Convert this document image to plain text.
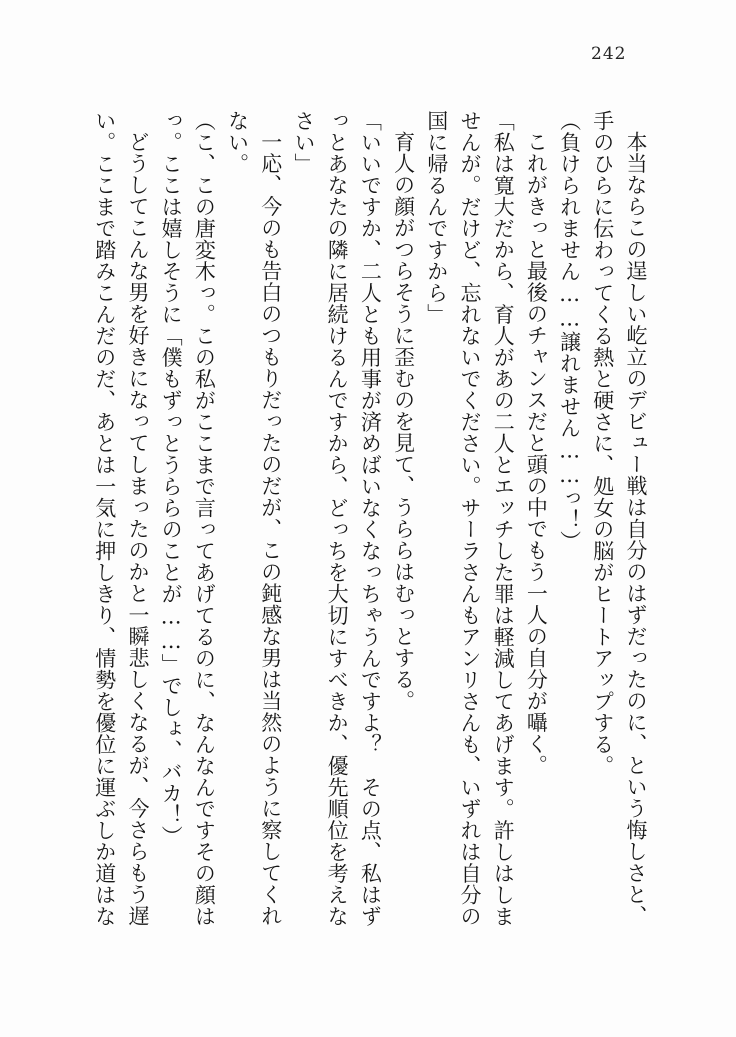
242

本当ならこの逞しい屹立のデビュー戦は自分のはずだったのに、という悔しさと、

手のひらに伝わってくる熱と硬さに、処女の脳がヒートアップする。

（負けられません……譲れません……っ！）

これがきっと最後のチャンスだと頭の中でもう一人の自分が囁く。

「私は寛大だから、育人があの二人とエッチした罪は軽減してあげます。許しはしま

せんが。だけど、忘れないでください。サーラさんもアンリさんも、いずれは自分の

国に帰るんですから」

育人の顔がつらそうに歪むのを見て、うららはむっとする。

「いいですか、二人とも用事が済めばいなくなっちゃうんですよ？　その点、私はず

っとあなたの隣に居続けるんですから、どっちを大切にすべきか、優先順位を考えな

さい」

一応、今のも告白のつもりだったのだが、この鈍感な男は当然のように察してくれ

ない。

（こ、この唐変木っ。この私がここまで言ってあげてるのに、なんなんですその顔は

っ。ここは嬉しそうに「僕もずっとうららのことが……」でしょ、バカ！）

どうしてこんな男を好きになってしまったのかと一瞬悲しくなるが、今さらもう遅

い。ここまで踏みこんだのだ、あとは一気に押しきり、情勢を優位に運ぶしか道はな
